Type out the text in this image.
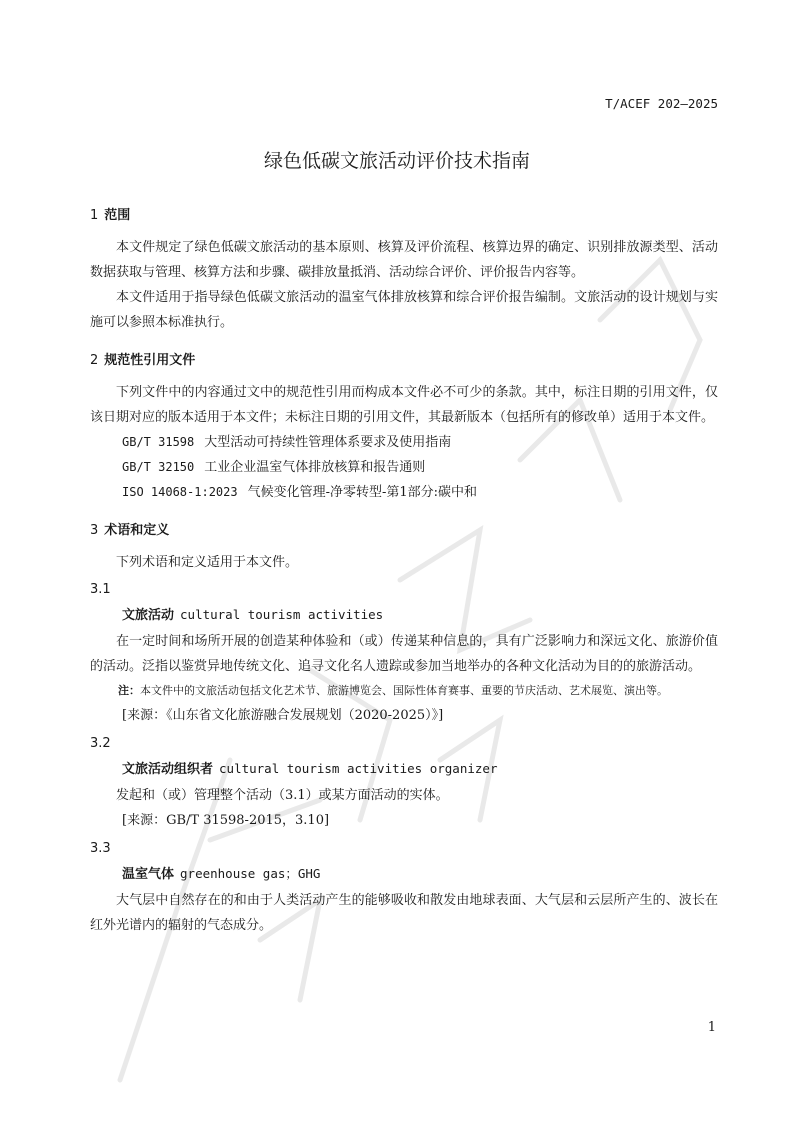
T/ACEF 202—2025
绿色低碳文旅活动评价技术指南
1 范围

本文件规定了绿色低碳文旅活动的基本原则、核算及评价流程、核算边界的确定、识别排放源类型、活动数据获取与管理、核算方法和步骤、碳排放量抵消、活动综合评价、评价报告内容等。

本文件适用于指导绿色低碳文旅活动的温室气体排放核算和综合评价报告编制。文旅活动的设计规划与实施可以参照本标准执行。

2 规范性引用文件

下列文件中的内容通过文中的规范性引用而构成本文件必不可少的条款。其中，标注日期的引用文件，仅该日期对应的版本适用于本文件；未标注日期的引用文件，其最新版本（包括所有的修改单）适用于本文件。

GB/T 31598 大型活动可持续性管理体系要求及使用指南
GB/T 32150 工业企业温室气体排放核算和报告通则
ISO 14068-1:2023 气候变化管理-净零转型-第1部分:碳中和
3 术语和定义

下列术语和定义适用于本文件。

3.1
文旅活动 cultural tourism activities

在一定时间和场所开展的创造某种体验和（或）传递某种信息的，具有广泛影响力和深远文化、旅游价值的活动。泛指以鉴赏异地传统文化、追寻文化名人遗踪或参加当地举办的各种文化活动为目的的旅游活动。

注：本文件中的文旅活动包括文化艺术节、旅游博览会、国际性体育赛事、重要的节庆活动、艺术展览、演出等。
[来源：《山东省文化旅游融合发展规划（2020-2025）》]
3.2
文旅活动组织者 cultural tourism activities organizer

发起和（或）管理整个活动（3.1）或某方面活动的实体。

[来源：GB/T 31598-2015，3.10]
3.3
温室气体 greenhouse gas；GHG

大气层中自然存在的和由于人类活动产生的能够吸收和散发由地球表面、大气层和云层所产生的、波长在红外光谱内的辐射的气态成分。

1
